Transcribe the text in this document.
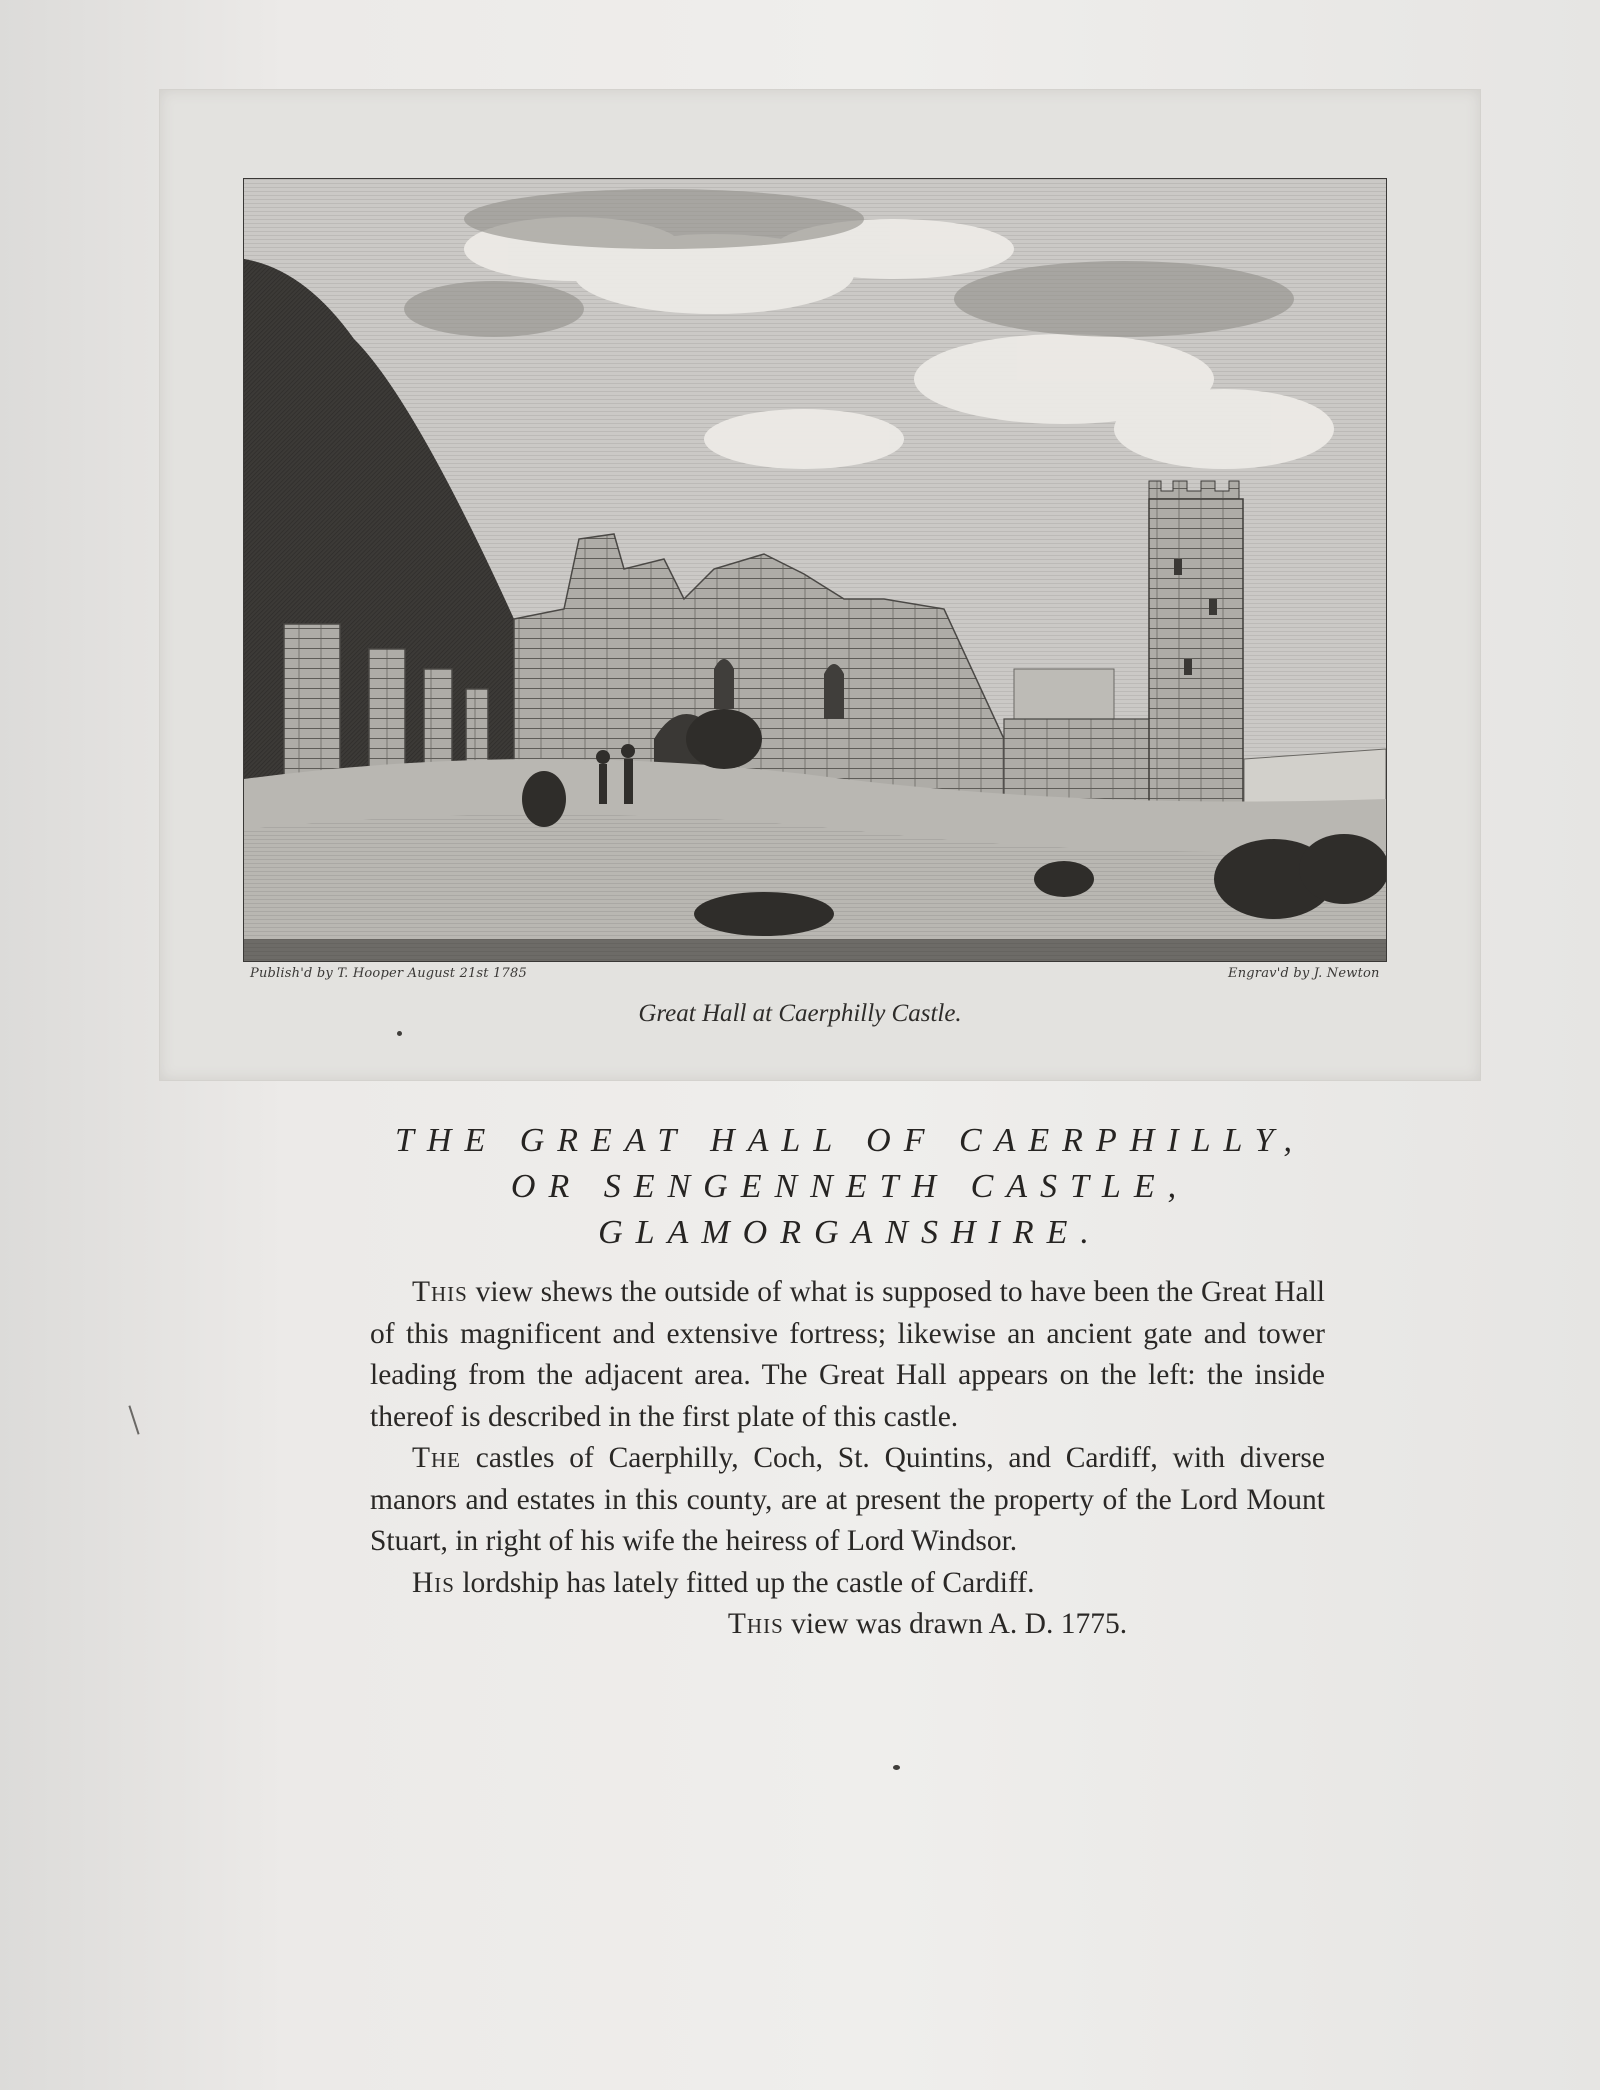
Publish'd by T. Hooper August 21st 1785	Engrav'd by J. Newton
Great Hall at Caerphilly Castle.
THE GREAT HALL OF CAERPHILLY,
OR SENGENNETH CASTLE,
GLAMORGANSHIRE.

This view shews the outside of what is supposed to have been the Great Hall of this magnificent and extensive fortress; likewise an ancient gate and tower leading from the adjacent area. The Great Hall appears on the left: the inside thereof is described in the first plate of this castle.

The castles of Caerphilly, Coch, St. Quintins, and Cardiff, with diverse manors and estates in this county, are at present the property of the Lord Mount Stuart, in right of his wife the heiress of Lord Windsor.

His lordship has lately fitted up the castle of Cardiff.

This view was drawn A. D. 1775.
